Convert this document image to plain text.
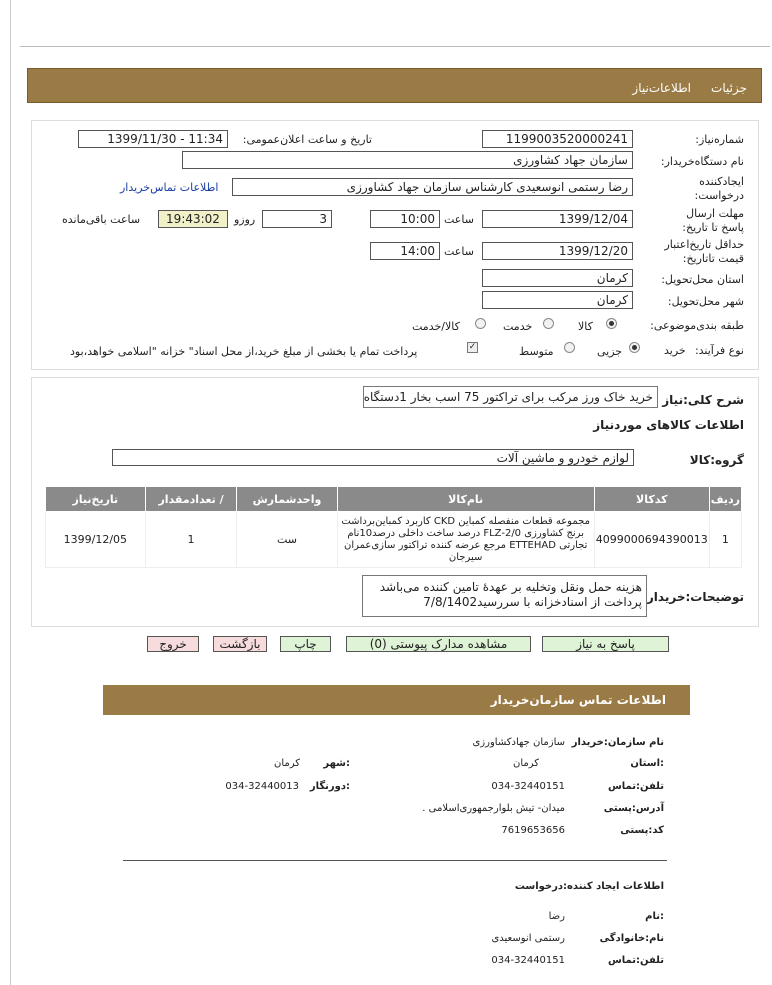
جزئیات
اطلاعات‌نیاز
شماره‌نیاز:
1199003520000241
تاریخ و ساعت اعلان‌عمومی:
1399/11/30 - 11:34
نام دستگاه‌خریدار:
سازمان جهاد کشاورزی
ایجادکننده درخواست:
رضا رستمی انوسعیدی کارشناس سازمان جهاد کشاورزی
اطلاعات تماس‌خریدار
مهلت ارسال پاسخ تا تاریخ:
1399/12/04
ساعت
10:00
3
روزو
19:43:02
ساعت باقی‌مانده
حداقل تاریخ‌اعتبار قیمت تا‌تاریخ:
1399/12/20
ساعت
14:00
استان محل‌تحویل:
کرمان
شهر محل‌تحویل:
کرمان
طبقه بندی‌موضوعی:
کالا
خدمت
کالا/خدمت
نوع فرآیند:
خرید
جزیی
متوسط
✓
پرداخت تمام یا بخشی از مبلغ خرید،از محل اسناد" خزانه "اسلامی خواهد،بود
شرح کلی:نیاز
خرید خاک ورز مرکب برای تراکتور 75 اسب بخار 1دستگاه
اطلاعات کالاهای موردنیاز
گروه:کالا
لوازم خودرو و ماشین آلات
ردیف	کدکالا	نام‌کالا	واحدشمارش	/ تعدادمقدار	تاریخ‌نیاز
1	4099000694390013	مجموعه قطعات منفصله کمباین CKD کاربرد کمباین‌برداشت برنج کشاورزی FLZ-2/0 درصد ساخت داخلی درصد10نام تجارتی ETTEHAD مرجع عرضه کننده تراکتور سازی‌عمران سیرجان	ست	1	1399/12/05
توضیحات:خریدار
هزینه حمل ونقل وتخلیه بر عهدهٔ تامین کننده می‌باشد پرداخت از اسنادخزانه با سررسید7/8/1402
پاسخ به نیاز
مشاهده مدارک پیوستی (0)
چاپ
بازگشت
خروج
اطلاعات تماس سازمان‌خریدار
نام سازمان:خریدار
سازمان جهادکشاورزی
:استان
کرمان
:شهر
کرمان
تلفن:تماس
034-32440151
:دورنگار
034-32440013
آدرس:پستی
میدان- تیش بلوارجمهوری‌اسلامی .
کد:پستی
7619653656
اطلاعات ایجاد کننده:درخواست
:نام
رضا
نام:خانوادگی
رستمی انوسعیدی
تلفن:تماس
034-32440151
